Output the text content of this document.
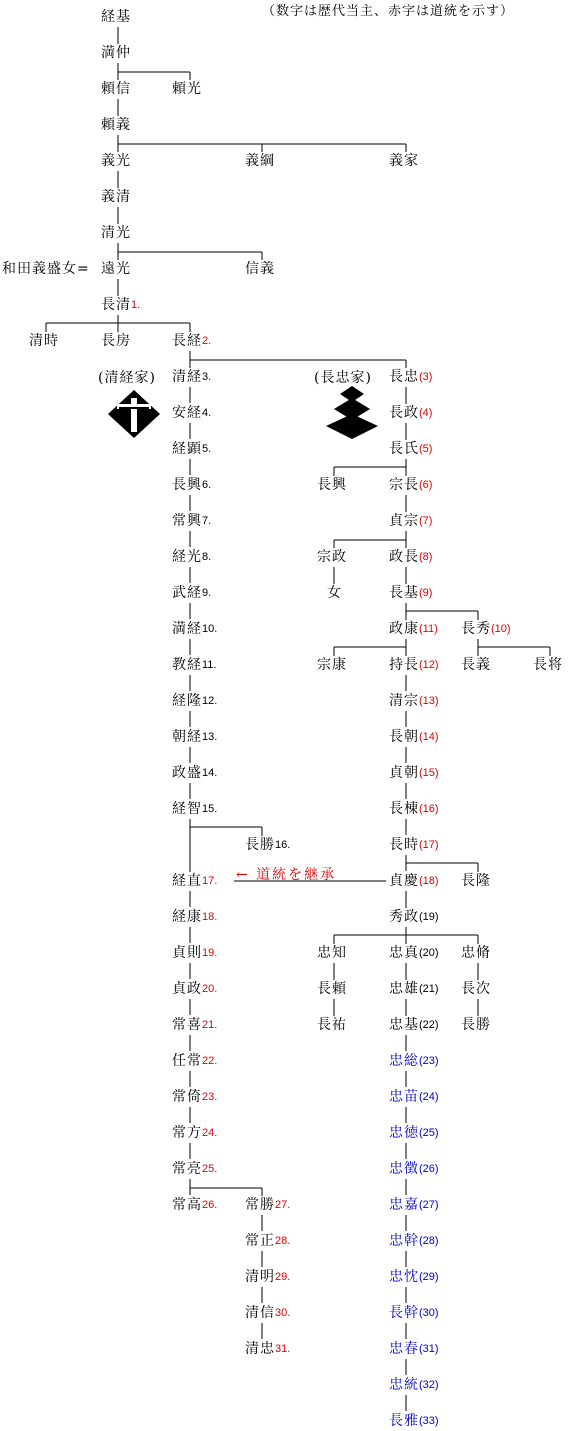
（数字は歴代当主、赤字は道統を示す）
(清経家)	(長忠家)
← 道統を継承
経基
満仲
頼信	頼光
頼義
義光	義綱	義家
義清
清光
和田義盛女= 遠光	信義
長清$^{1.}$
清時	長房	長経$^{2.}$
清経$^{3.}$
安経$^{4.}$
経顕$^{5.}$
長興$^{6.}$
常興$^{7.}$
経光$^{8.}$
武経$^{9.}$
満経$^{10.}$
教経$^{11.}$
経隆$^{12.}$
朝経$^{13.}$
政盛$^{14.}$
経智$^{15.}$
長勝$^{16.}$
経直$^{17.}$
経康$^{18.}$
貞則$^{19.}$
貞政$^{20.}$
常喜$^{21.}$
任常$^{22.}$
常倚$^{23.}$
常方$^{24.}$
常亮$^{25.}$
常高$^{26.}$ 常勝$^{27.}$
常正$^{28.}$
清明$^{29.}$
清信$^{30.}$
清忠$^{31.}$
長忠$^{(3)}$
長政$^{(4)}$
長氏$^{(5)}$
長興	宗長$^{(6)}$
貞宗$^{(7)}$
宗政
女
政長$^{(8)}$
長基$^{(9)}$
政康$^{(11)}$ 長秀$^{(10)}$
宗康	持長$^{(12)}$ 長義	長将
清宗$^{(13)}$
長朝$^{(14)}$
貞朝$^{(15)}$
長棟$^{(16)}$
長時$^{(17)}$
貞慶$^{(18)}$ 長隆
秀政$^{(19)}$
忠知	忠真$^{(20)}$ 忠脩
長頼	忠雄$^{(21)}$ 長次
長祐	忠基$^{(22)}$ 長勝
忠総$^{(23)}$
忠苗$^{(24)}$
忠徳$^{(25)}$
忠徴$^{(26)}$
忠嘉$^{(27)}$
忠幹$^{(28)}$
忠忱$^{(29)}$
長幹$^{(30)}$
忠春$^{(31)}$
忠統$^{(32)}$
長雅$^{(33)}$
